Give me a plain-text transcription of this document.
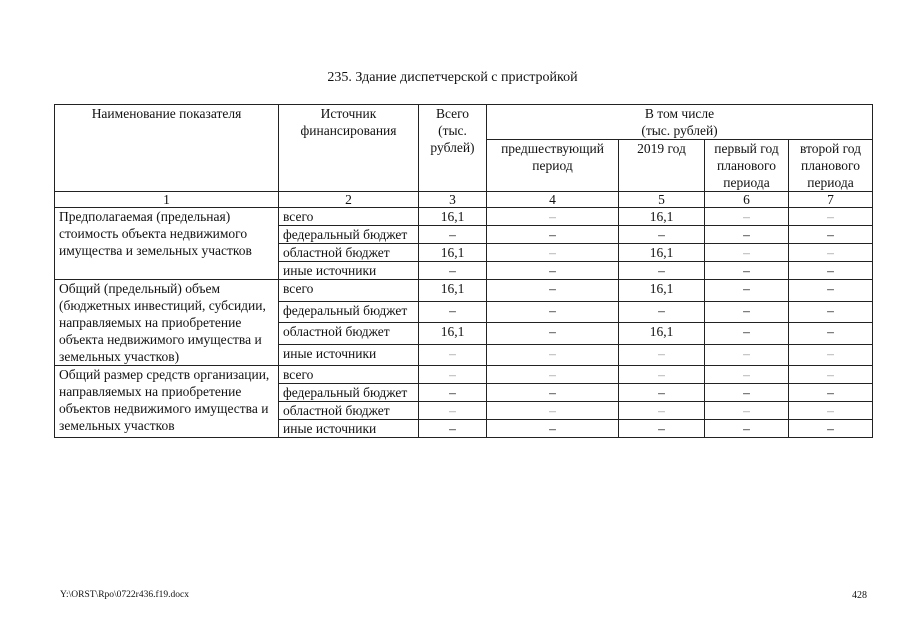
235. Здание диспетчерской с пристройкой
Наименование показателя	Источник финансирования	Всего (тыс. рублей)	В том числе
(тыс. рублей)			

			предшествующий период	2019 год	первый год планового периода	второй год планового периода
1	2	3	4	5	6	7
Предполагаемая (предельная) стоимость объекта недвижимого имущества и земельных участков	всего	16,1	–	16,1	–	–
	федеральный бюджет	–	–	–	–	–
	областной бюджет	16,1	–	16,1	–	–
	иные источники	–	–	–	–	–
Общий (предельный) объем (бюджетных инвестиций, субсидии, направляемых на приобретение объекта недвижимого имущества и земельных участков)	всего	16,1	–	16,1	–	–
	федеральный бюджет	–	–	–	–	–
	областной бюджет	16,1	–	16,1	–	–
	иные источники	–	–	–	–	–
Общий размер средств организации, направляемых на приобретение объектов недвижимого имущества и земельных участков	всего	–	–	–	–	–
	федеральный бюджет	–	–	–	–	–
	областной бюджет	–	–	–	–	–
	иные источники	–	–	–	–	–
Y:\ORST\Rpo\0722r436.f19.docx	428
